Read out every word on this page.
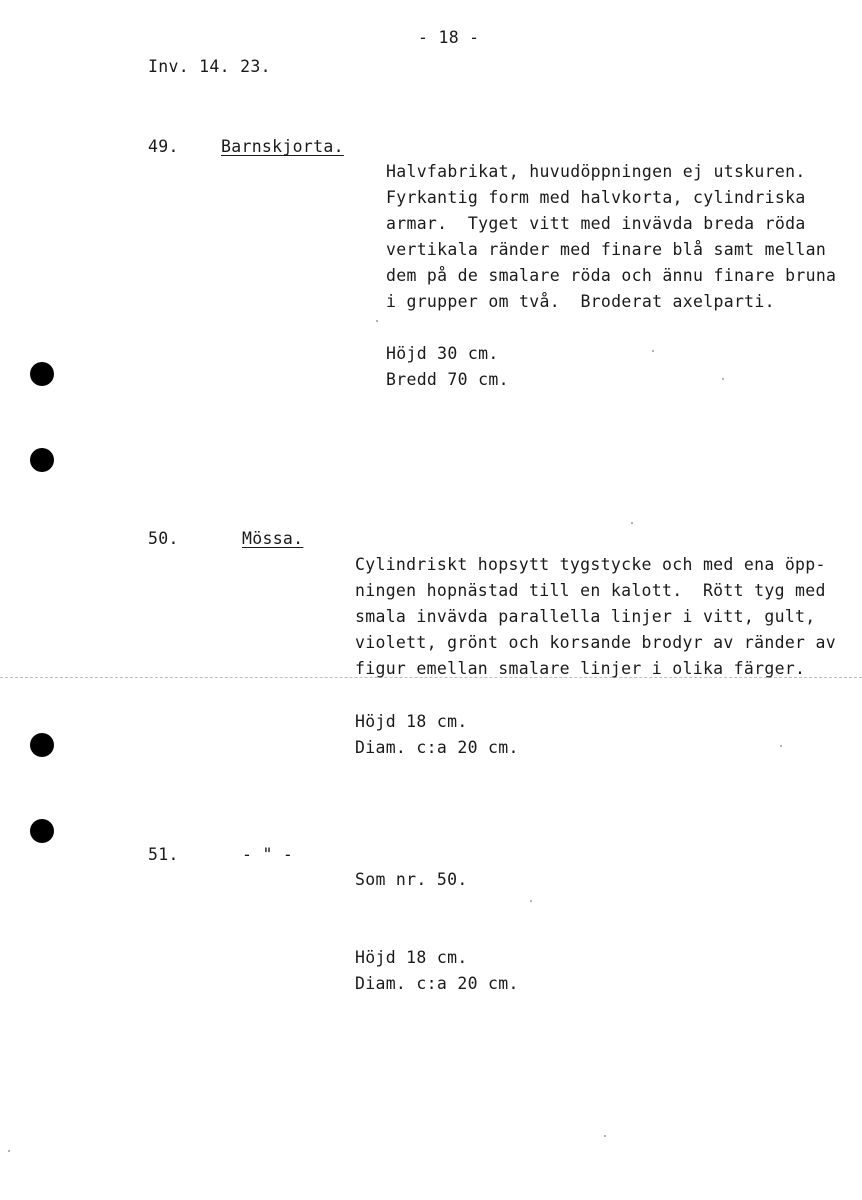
- 18 -
Inv. 14. 23.
49.	Barnskjorta.
Halvfabrikat, huvudöppningen ej utskuren.
Fyrkantig form med halvkorta, cylindriska
armar.  Tyget vitt med invävda breda röda
vertikala ränder med finare blå samt mellan
dem på de smalare röda och ännu finare bruna
i grupper om två.  Broderat axelparti.
Höjd 30 cm.
Bredd 70 cm.
50.	Mössa.
Cylindriskt hopsytt tygstycke och med ena öpp-
ningen hopnästad till en kalott.  Rött tyg med
smala invävda parallella linjer i vitt, gult,
violett, grönt och korsande brodyr av ränder av
figur emellan smalare linjer i olika färger.
Höjd 18 cm.
Diam. c:a 20 cm.
51.	- " -
Som nr. 50.
Höjd 18 cm.
Diam. c:a 20 cm.
